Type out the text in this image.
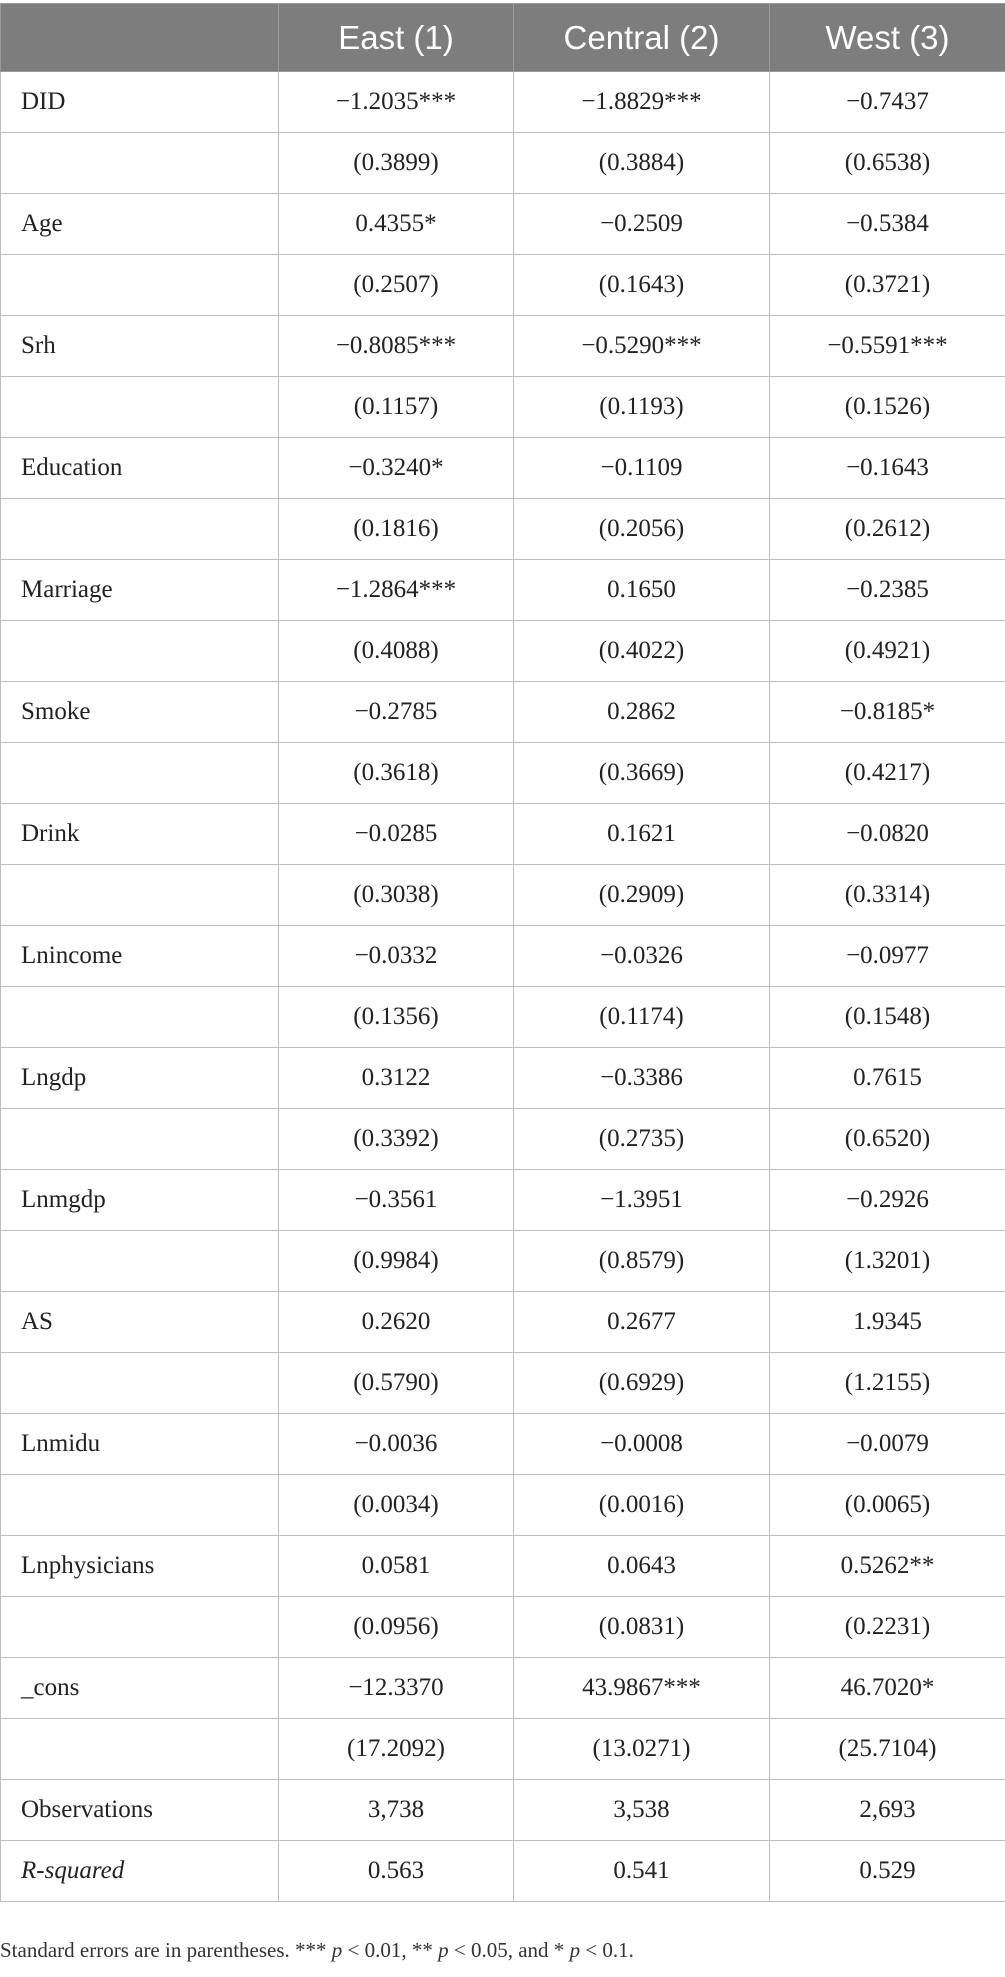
	East (1)	Central (2)	West (3)
DID	−1.2035***	−1.8829***	−0.7437
	(0.3899)	(0.3884)	(0.6538)
Age	0.4355*	−0.2509	−0.5384
	(0.2507)	(0.1643)	(0.3721)
Srh	−0.8085***	−0.5290***	−0.5591***
	(0.1157)	(0.1193)	(0.1526)
Education	−0.3240*	−0.1109	−0.1643
	(0.1816)	(0.2056)	(0.2612)
Marriage	−1.2864***	0.1650	−0.2385
	(0.4088)	(0.4022)	(0.4921)
Smoke	−0.2785	0.2862	−0.8185*
	(0.3618)	(0.3669)	(0.4217)
Drink	−0.0285	0.1621	−0.0820
	(0.3038)	(0.2909)	(0.3314)
Lnincome	−0.0332	−0.0326	−0.0977
	(0.1356)	(0.1174)	(0.1548)
Lngdp	0.3122	−0.3386	0.7615
	(0.3392)	(0.2735)	(0.6520)
Lnmgdp	−0.3561	−1.3951	−0.2926
	(0.9984)	(0.8579)	(1.3201)
AS	0.2620	0.2677	1.9345
	(0.5790)	(0.6929)	(1.2155)
Lnmidu	−0.0036	−0.0008	−0.0079
	(0.0034)	(0.0016)	(0.0065)
Lnphysicians	0.0581	0.0643	0.5262**
	(0.0956)	(0.0831)	(0.2231)
_cons	−12.3370	43.9867***	46.7020*
	(17.2092)	(13.0271)	(25.7104)
Observations	3,738	3,538	2,693
R-squared	0.563	0.541	0.529
Standard errors are in parentheses. *** p < 0.01, ** p < 0.05, and * p < 0.1.
